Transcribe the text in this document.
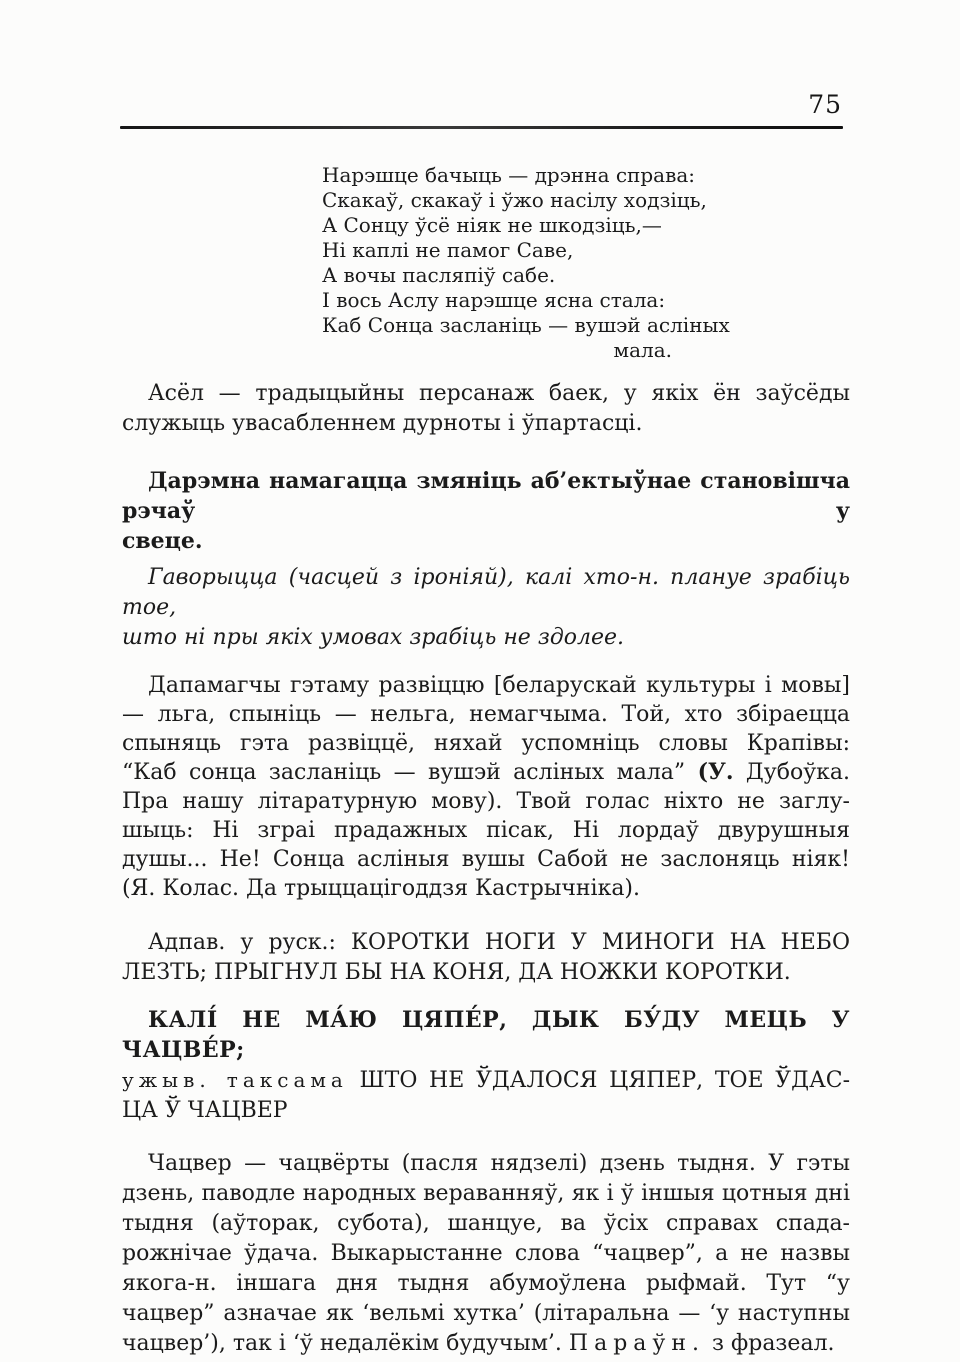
75
Нарэшце бачыць — дрэнна справа:
Скакаў, скакаў і ўжо насілу ходзіць,
А Сонцу ўсё ніяк не шкодзіць,—
Ні каплі не памог Саве,
А вочы пасляпіў сабе.
І вось Аслу нарэшце ясна стала:
Каб Сонца засланіць — вушэй асліных
мала.
Асёл — традыцыйны персанаж баек, у якіх ён заўсёды
служыць увасабленнем дурноты і ўпартасці.
Дарэмна намагацца змяніць аб’ектыўнае становішча рэчаў у
свеце.
Гаворыцца (часцей з іроніяй), калі хто-н. плануе зрабіць тое,
што ні пры якіх умовах зрабіць не здолее.
Дапамагчы гэтаму развіццю [беларускай культуры і мовы]
— льга, спыніць — нельга, немагчыма. Той, хто збіраецца
спыняць гэта развіццё, няхай успомніць словы Крапівы:
“Каб сонца засланіць — вушэй асліных мала” (У. Дубоўка.
Пра нашу літаратурную мову). Твой голас ніхто не заглу-
шыць: Ні зграі прадажных пісак, Ні лордаў двурушныя
душы... Не! Сонца асліныя вушы Сабой не заслоняць ніяк!
(Я. Колас. Да трыццацігоддзя Кастрычніка).
Адпав. у руск.: КОРОТКИ НОГИ У МИНОГИ НА НЕБО
ЛЕЗТЬ; ПРЫГНУЛ БЫ НА КОНЯ, ДА НОЖКИ КОРОТКИ.
КАЛІ́ НЕ МА́Ю ЦЯПЕ́Р, ДЫК БУ́ДУ МЕЦЬ У ЧАЦВЕ́Р;
ужыв. таксама ШТО НЕ ЎДАЛОСЯ ЦЯПЕР, ТОЕ ЎДАС-
ЦА Ў ЧАЦВЕР
Чацвер — чацвёрты (пасля нядзелі) дзень тыдня. У гэты
дзень, паводле народных вераванняў, як і ў іншыя цотныя дні
тыдня (аўторак, субота), шанцуе, ва ўсіх справах спада-
рожнічае ўдача. Выкарыстанне слова “чацвер”, а не назвы
якога-н. іншага дня тыдня абумоўлена рыфмай. Тут “у
чацвер” азначае як ‘вельмі хутка’ (літаральна — ‘у наступны
чацвер’), так і ‘ў недалёкім будучым’. Параўн. з фразеал.
